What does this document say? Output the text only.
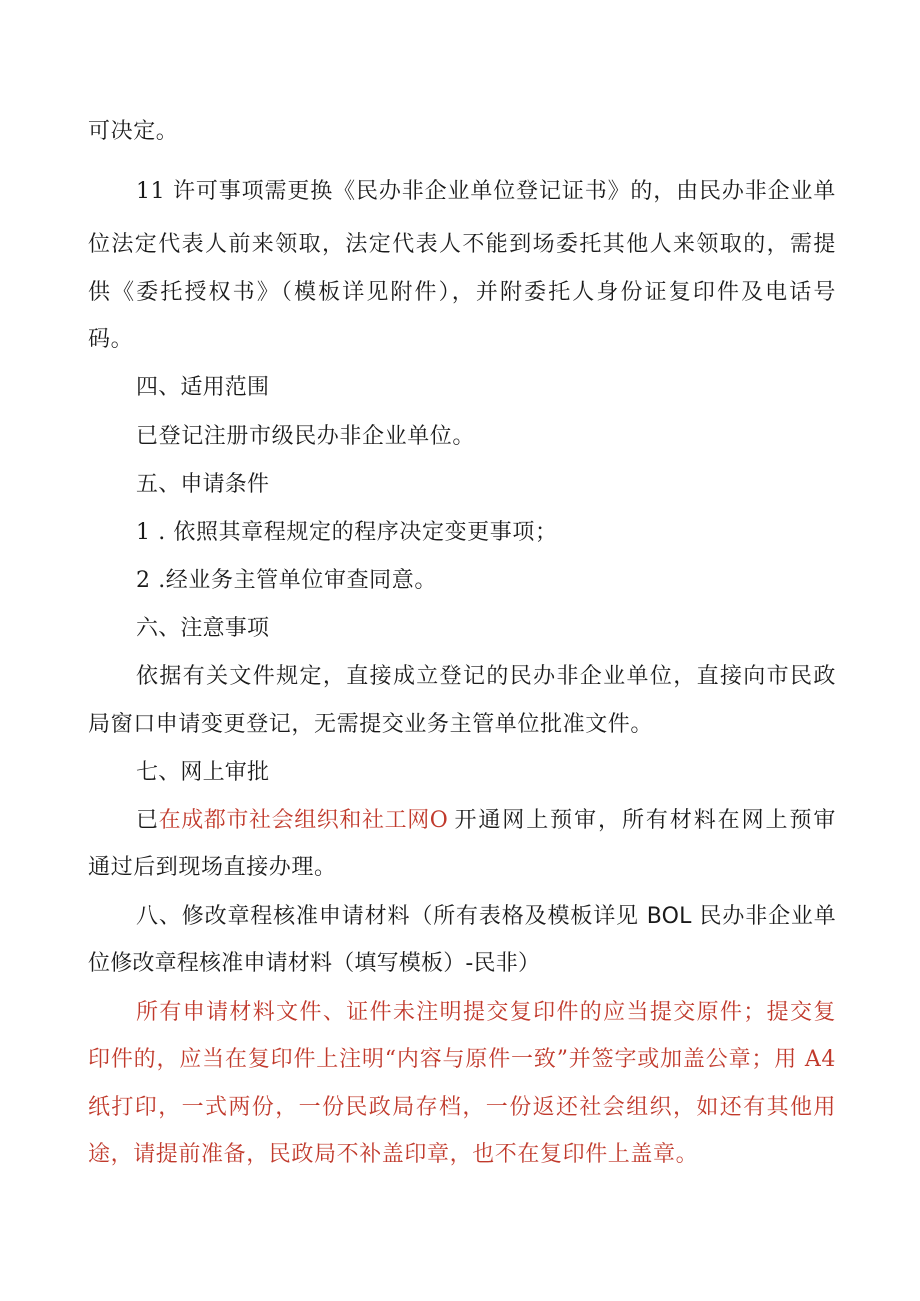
可决定。
11 许可事项需更换《民办非企业单位登记证书》的，由民办非企业单
位法定代表人前来领取，法定代表人不能到场委托其他人来领取的，需提
供《委托授权书》（模板详见附件），并附委托人身份证复印件及电话号
码。
四、适用范围
已登记注册市级民办非企业单位。
五、申请条件
1 . 依照其章程规定的程序决定变更事项；
2 .经业务主管单位审查同意。
六、注意事项
依据有关文件规定，直接成立登记的民办非企业单位，直接向市民政
局窗口申请变更登记，无需提交业务主管单位批准文件。
七、网上审批
已 在成都市社会组织和社工网O 开通网上预审，所有材料在网上预审
通过后到现场直接办理。
八、修改章程核准申请材料（所有表格及模板详见 BOL 民办非企业单
位修改章程核准申请材料（填写模板）-民非）
所有申请材料文件、证件未注明提交复印件的应当提交原件；提交复
印件的，应当在复印件上注明“内容与原件一致”并签字或加盖公章；用 A4
纸打印，一式两份，一份民政局存档，一份返还社会组织，如还有其他用
途，请提前准备，民政局不补盖印章，也不在复印件上盖章。
